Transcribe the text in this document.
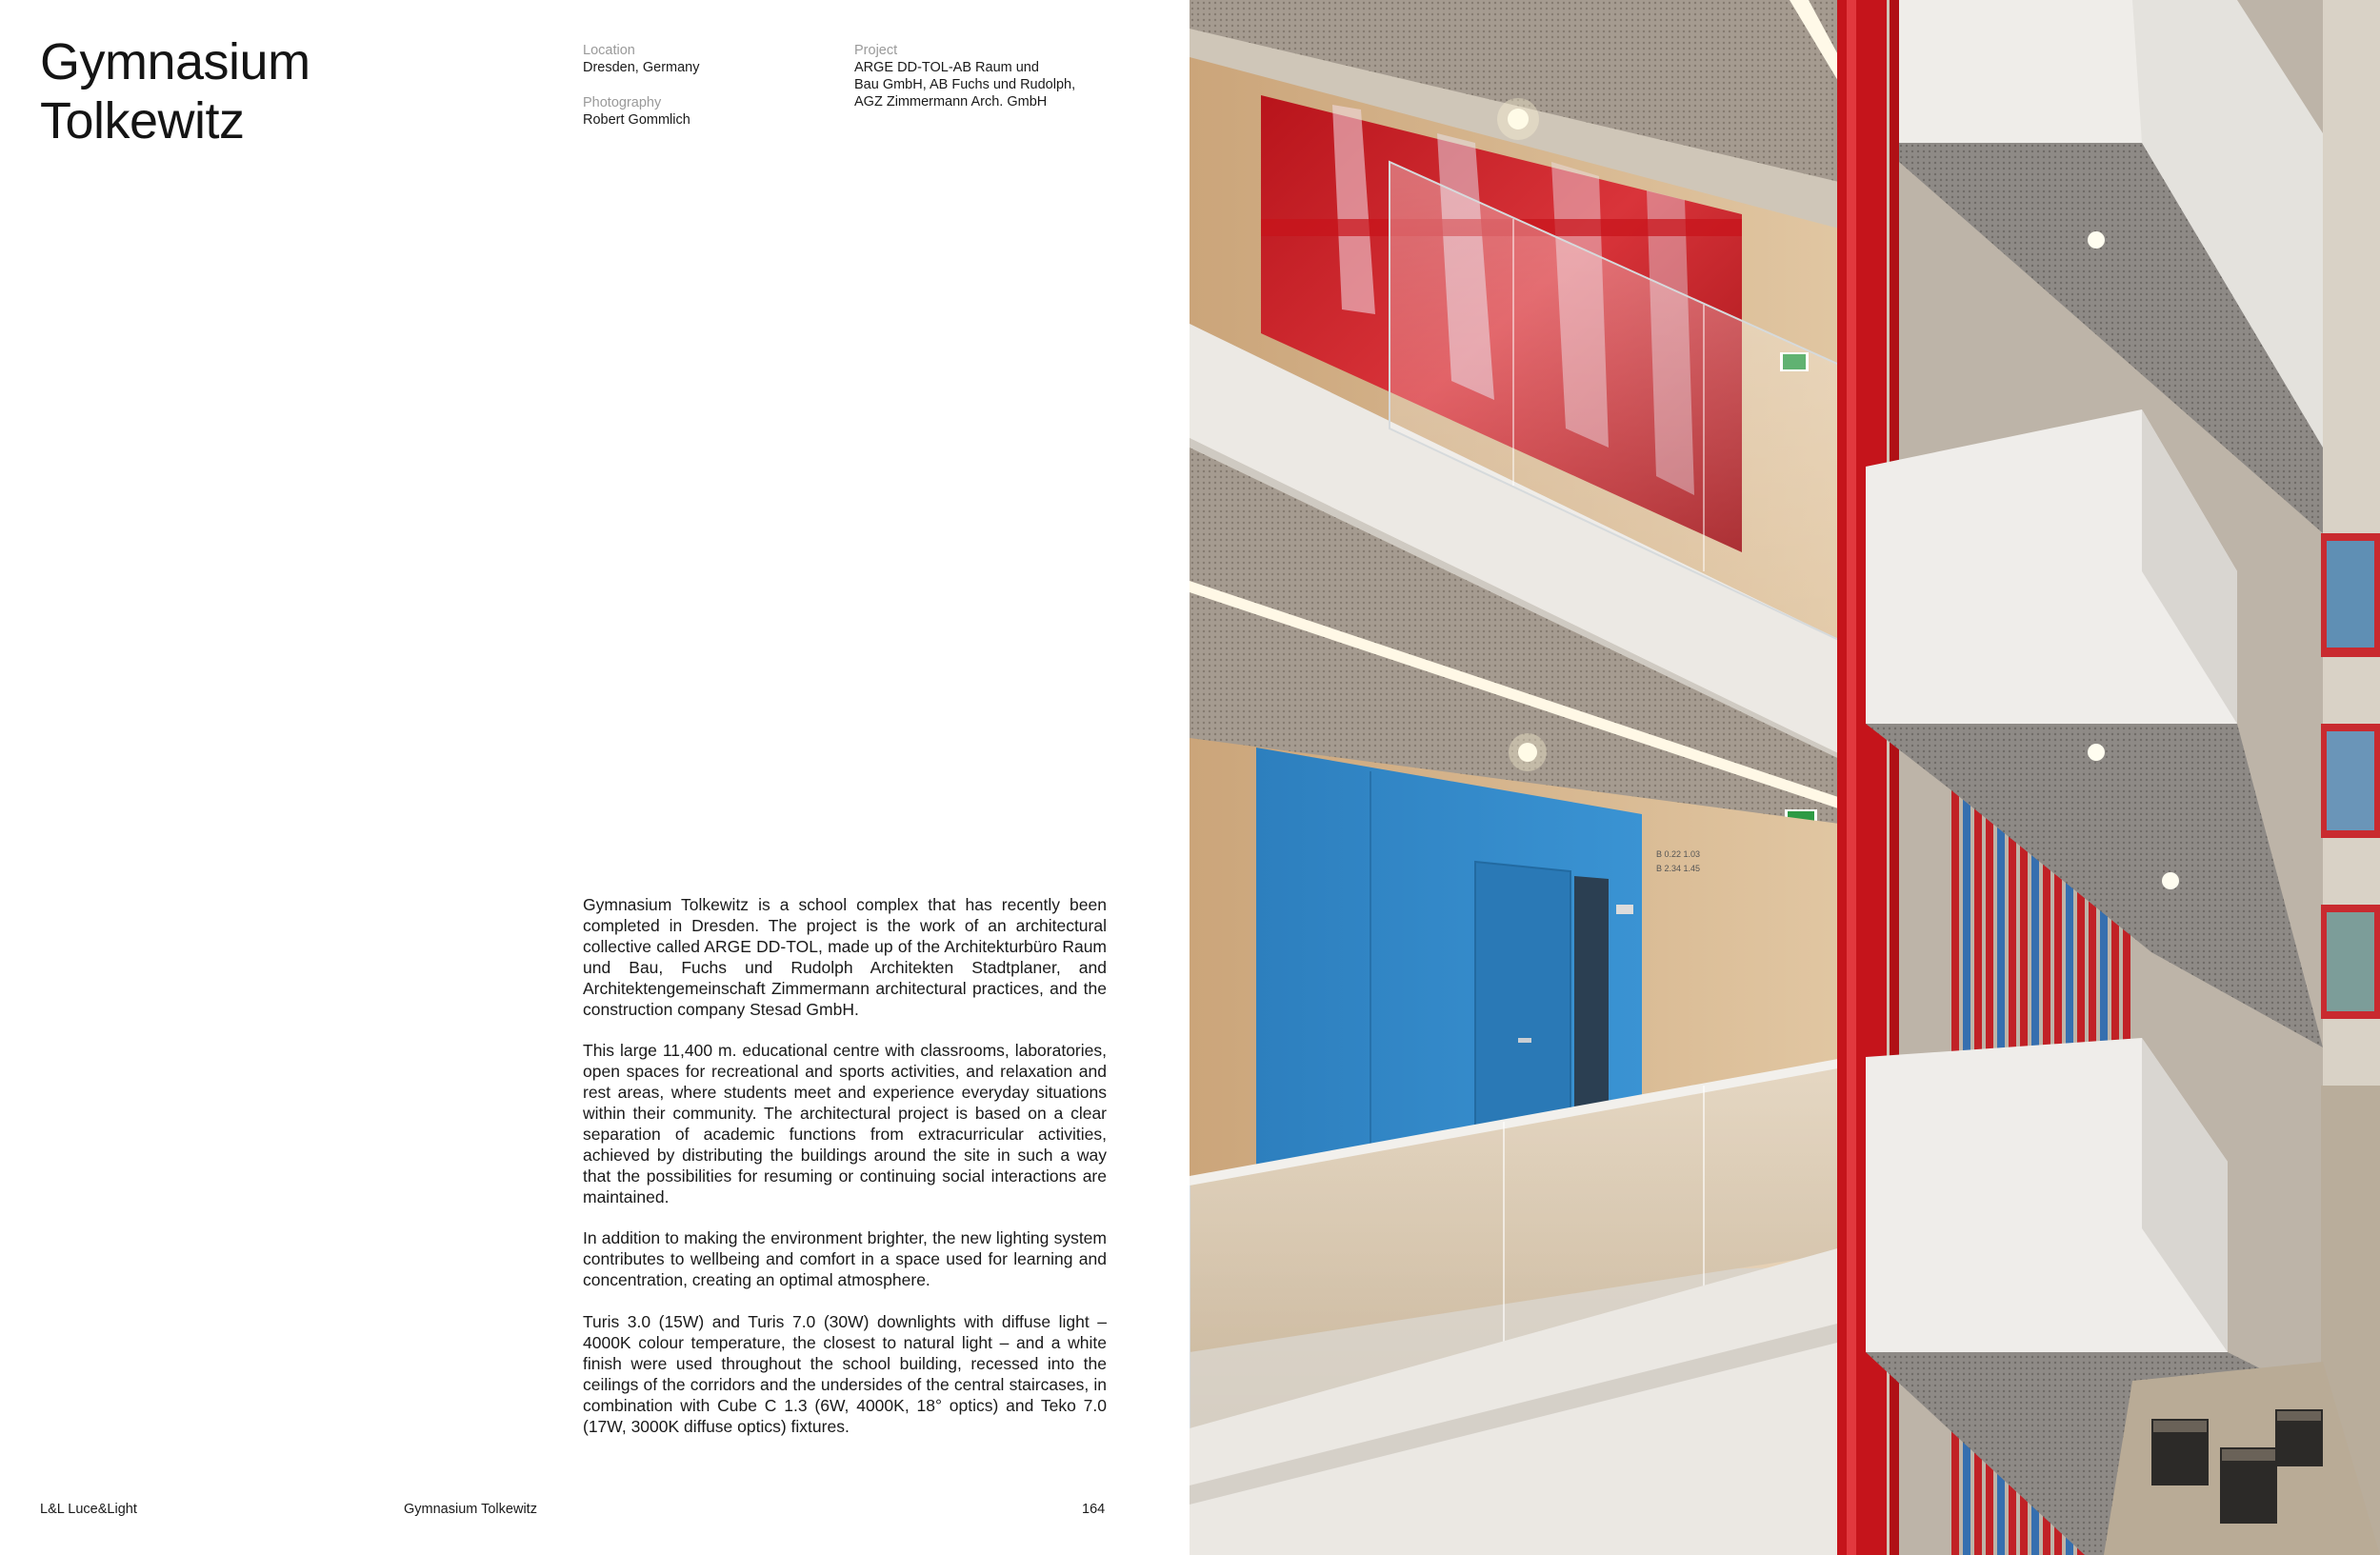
Gymnasium
Tolkewitz
Location
Dresden, Germany
Photography
Robert Gommlich
Project
ARGE DD-TOL-AB Raum und
Bau GmbH, AB Fuchs und Rudolph,
AGZ Zimmermann Arch. GmbH

Gymnasium Tolkewitz is a school complex that has recently been completed in Dresden. The project is the work of an architectural collective called ARGE DD-TOL, made up of the Architekturbüro Raum und Bau, Fuchs und Rudolph Architekten Stadtplaner, and Architektengemeinschaft Zimmermann architectural practices, and the construction company Stesad GmbH.

This large 11,400 m. educational centre with classrooms, laboratories, open spaces for recreational and sports activities, and relaxation and rest areas, where students meet and experience everyday situations within their community. The architectural project is based on a clear separation of academic functions from extracurricular activities, achieved by distributing the buildings around the site in such a way that the possibilities for resuming or continuing social interactions are maintained.

In addition to making the environment brighter, the new lighting system contributes to wellbeing and comfort in a space used for learning and concentration, creating an optimal atmosphere.

Turis 3.0 (15W) and Turis 7.0 (30W) downlights with diffuse light – 4000K colour temperature, the closest to natural light – and a white finish were used throughout the school building, recessed into the ceilings of the corridors and the undersides of the central staircases, in combination with Cube C 1.3 (6W, 4000K, 18° optics) and Teko 7.0 (17W, 3000K diffuse optics) fixtures.

L&L Luce&Light	Gymnasium Tolkewitz	164
B 0.22 1.03
B 2.34 1.45
